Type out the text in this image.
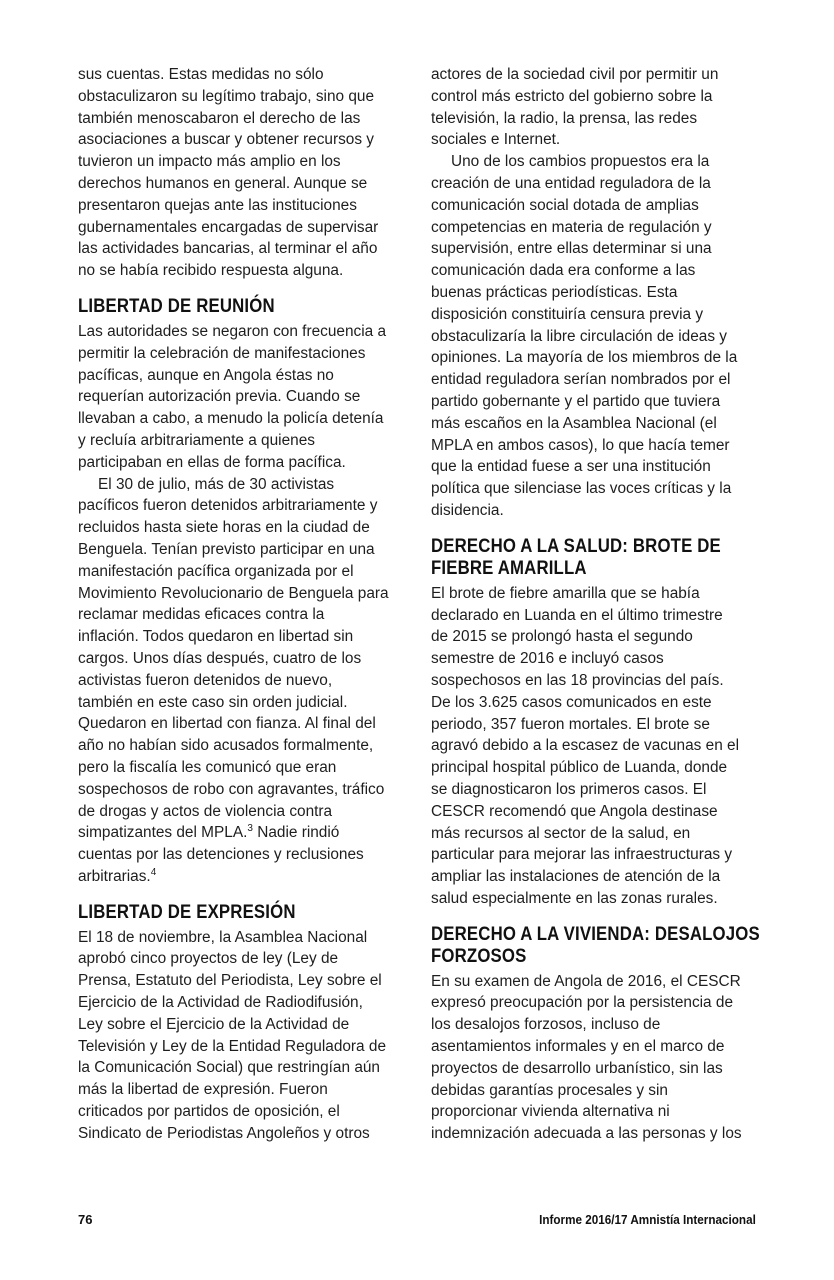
sus cuentas. Estas medidas no sólo
obstaculizaron su legítimo trabajo, sino que
también menoscabaron el derecho de las
asociaciones a buscar y obtener recursos y
tuvieron un impacto más amplio en los
derechos humanos en general. Aunque se
presentaron quejas ante las instituciones
gubernamentales encargadas de supervisar
las actividades bancarias, al terminar el año
no se había recibido respuesta alguna.
LIBERTAD DE REUNIÓN
Las autoridades se negaron con frecuencia a
permitir la celebración de manifestaciones
pacíficas, aunque en Angola éstas no
requerían autorización previa. Cuando se
llevaban a cabo, a menudo la policía detenía
y recluía arbitrariamente a quienes
participaban en ellas de forma pacífica.
El 30 de julio, más de 30 activistas
pacíficos fueron detenidos arbitrariamente y
recluidos hasta siete horas en la ciudad de
Benguela. Tenían previsto participar en una
manifestación pacífica organizada por el
Movimiento Revolucionario de Benguela para
reclamar medidas eficaces contra la
inflación. Todos quedaron en libertad sin
cargos. Unos días después, cuatro de los
activistas fueron detenidos de nuevo,
también en este caso sin orden judicial.
Quedaron en libertad con fianza. Al final del
año no habían sido acusados formalmente,
pero la fiscalía les comunicó que eran
sospechosos de robo con agravantes, tráfico
de drogas y actos de violencia contra
simpatizantes del MPLA.$^3$ Nadie rindió
cuentas por las detenciones y reclusiones
arbitrarias.$^4$
LIBERTAD DE EXPRESIÓN
El 18 de noviembre, la Asamblea Nacional
aprobó cinco proyectos de ley (Ley de
Prensa, Estatuto del Periodista, Ley sobre el
Ejercicio de la Actividad de Radiodifusión,
Ley sobre el Ejercicio de la Actividad de
Televisión y Ley de la Entidad Reguladora de
la Comunicación Social) que restringían aún
más la libertad de expresión. Fueron
criticados por partidos de oposición, el
Sindicato de Periodistas Angoleños y otros
actores de la sociedad civil por permitir un
control más estricto del gobierno sobre la
televisión, la radio, la prensa, las redes
sociales e Internet.
Uno de los cambios propuestos era la
creación de una entidad reguladora de la
comunicación social dotada de amplias
competencias en materia de regulación y
supervisión, entre ellas determinar si una
comunicación dada era conforme a las
buenas prácticas periodísticas. Esta
disposición constituiría censura previa y
obstaculizaría la libre circulación de ideas y
opiniones. La mayoría de los miembros de la
entidad reguladora serían nombrados por el
partido gobernante y el partido que tuviera
más escaños en la Asamblea Nacional (el
MPLA en ambos casos), lo que hacía temer
que la entidad fuese a ser una institución
política que silenciase las voces críticas y la
disidencia.
DERECHO A LA SALUD: BROTE DE
FIEBRE AMARILLA
El brote de fiebre amarilla que se había
declarado en Luanda en el último trimestre
de 2015 se prolongó hasta el segundo
semestre de 2016 e incluyó casos
sospechosos en las 18 provincias del país.
De los 3.625 casos comunicados en este
periodo, 357 fueron mortales. El brote se
agravó debido a la escasez de vacunas en el
principal hospital público de Luanda, donde
se diagnosticaron los primeros casos. El
CESCR recomendó que Angola destinase
más recursos al sector de la salud, en
particular para mejorar las infraestructuras y
ampliar las instalaciones de atención de la
salud especialmente en las zonas rurales.
DERECHO A LA VIVIENDA: DESALOJOS
FORZOSOS
En su examen de Angola de 2016, el CESCR
expresó preocupación por la persistencia de
los desalojos forzosos, incluso de
asentamientos informales y en el marco de
proyectos de desarrollo urbanístico, sin las
debidas garantías procesales y sin
proporcionar vivienda alternativa ni
indemnización adecuada a las personas y los
76	Informe 2016/17 Amnistía Internacional
